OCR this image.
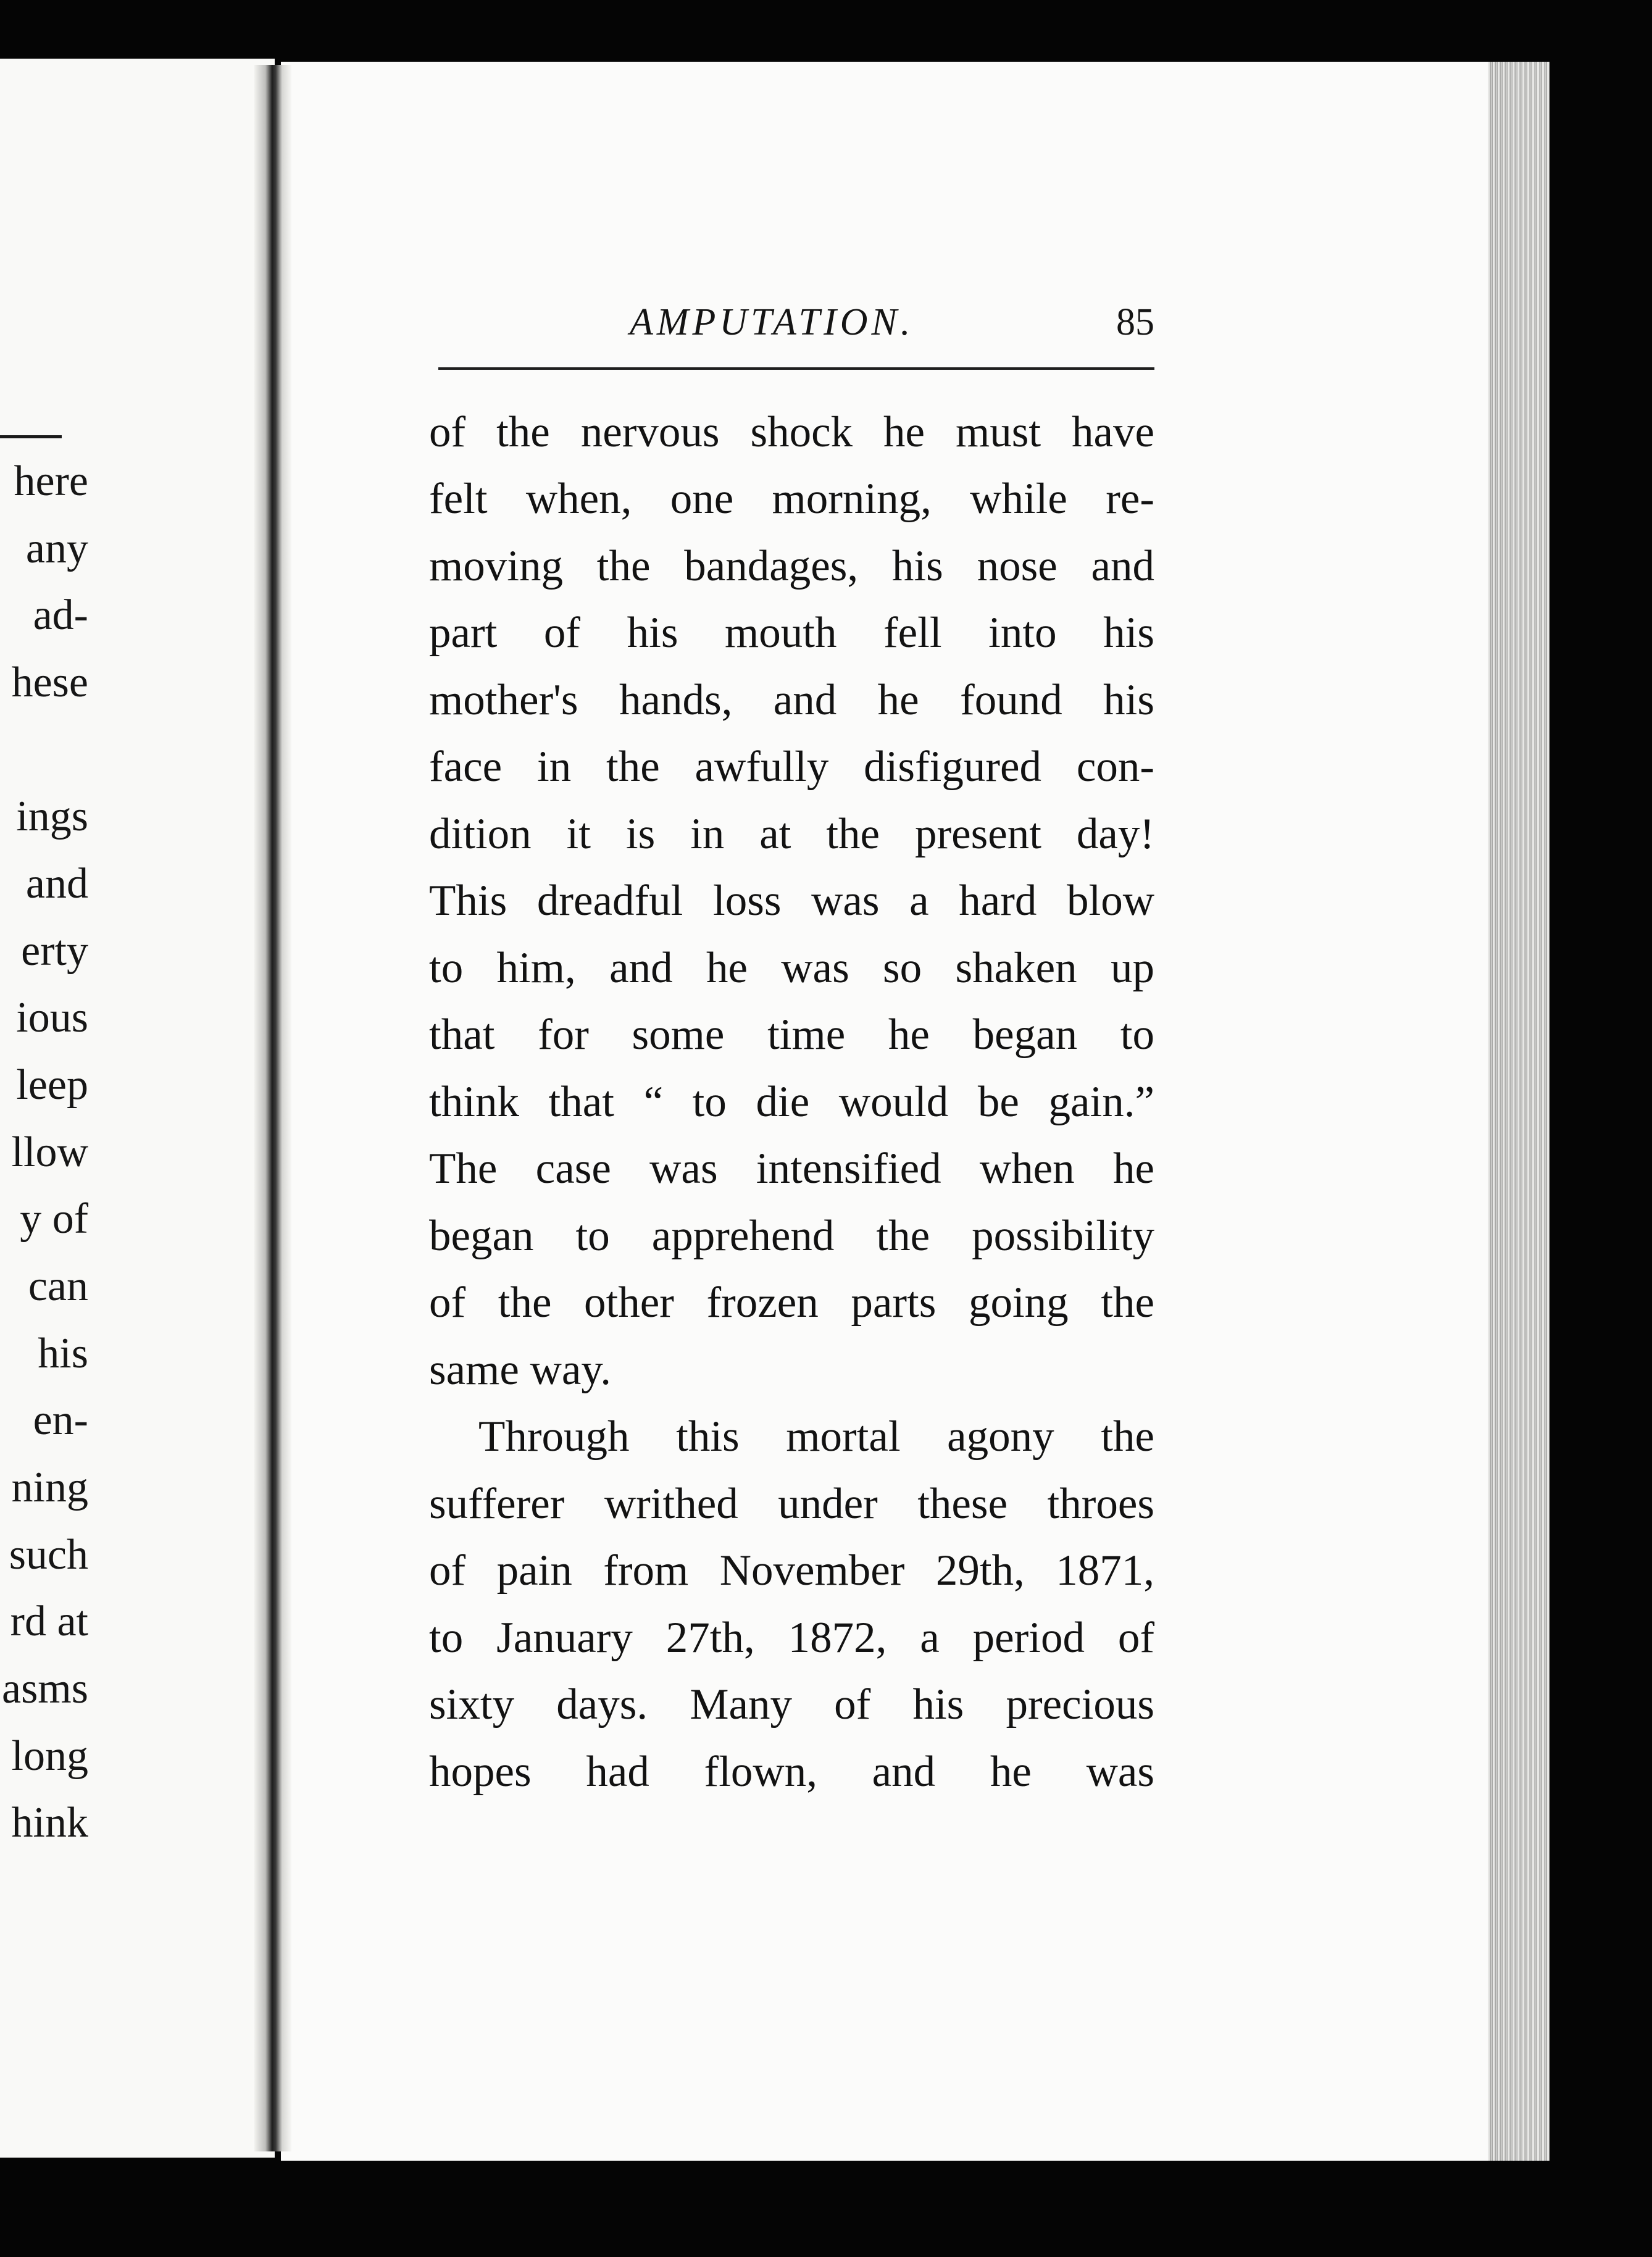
here
any
ad-
hese
ings
and
erty
ious
leep
llow
y of
can
his
en-
ning
such
rd at
asms
long
hink
AMPUTATION.	85
of the nervous shock he must have
felt when, one morning, while re-
moving the bandages, his nose and
part of his mouth fell into his
mother's hands, and he found his
face in the awfully disfigured con-
dition it is in at the present day!
This dreadful loss was a hard blow
to him, and he was so shaken up
that for some time he began to
think that “ to die would be gain.”
The case was intensified when he
began to apprehend the possibility
of the other frozen parts going the
same way.
Through this mortal agony the
sufferer writhed under these throes
of pain from November 29th, 1871,
to January 27th, 1872, a period of
sixty days. Many of his precious
hopes had flown, and he was
